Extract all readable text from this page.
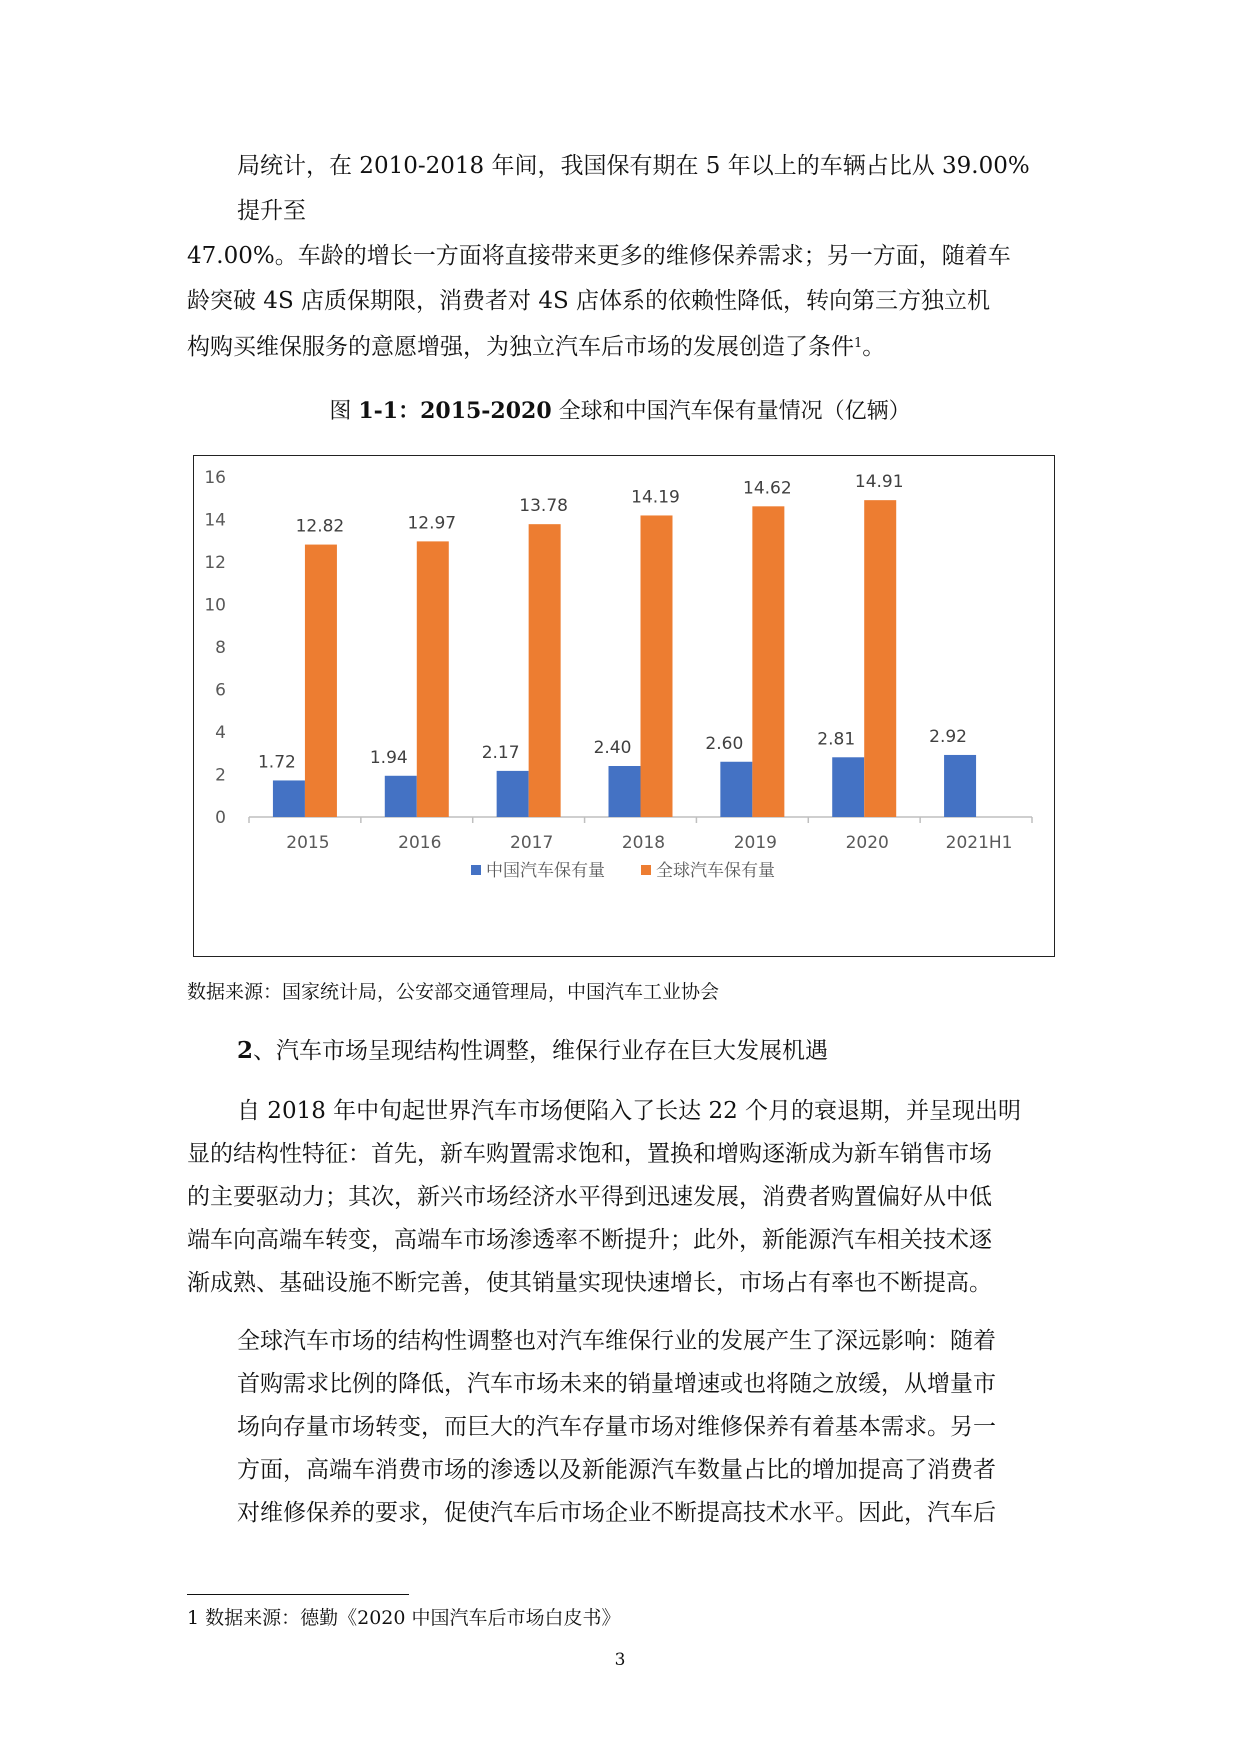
局统计，在 2010-2018 年间，我国保有期在 5 年以上的车辆占比从 39.00%
提升至
47.00%。车龄的增长一方面将直接带来更多的维修保养需求；另一方面，随着车
龄突破 4S 店质保期限，消费者对 4S 店体系的依赖性降低，转向第三方独立机
构购买维保服务的意愿增强，为独立汽车后市场的发展创造了条件$^1$。
图 1-1：2015-2020 全球和中国汽车保有量情况（亿辆）
0
2
4
6
8
10
12
14
16
2015
1.72
12.82
2016
1.94
12.97
2017
2.17
13.78
2018
2.40
14.19
2019
2.60
14.62
2020
2.81
14.91
2021H1
2.92
中国汽车保有量	全球汽车保有量
数据来源：国家统计局，公安部交通管理局，中国汽车工业协会
2、汽车市场呈现结构性调整，维保行业存在巨大发展机遇
自 2018 年中旬起世界汽车市场便陷入了长达 22 个月的衰退期，并呈现出明
显的结构性特征：首先，新车购置需求饱和，置换和增购逐渐成为新车销售市场
的主要驱动力；其次，新兴市场经济水平得到迅速发展，消费者购置偏好从中低
端车向高端车转变，高端车市场渗透率不断提升；此外，新能源汽车相关技术逐
渐成熟、基础设施不断完善，使其销量实现快速增长，市场占有率也不断提高。
全球汽车市场的结构性调整也对汽车维保行业的发展产生了深远影响：随着
首购需求比例的降低，汽车市场未来的销量增速或也将随之放缓，从增量市
场向存量市场转变，而巨大的汽车存量市场对维修保养有着基本需求。另一
方面，高端车消费市场的渗透以及新能源汽车数量占比的增加提高了消费者
对维修保养的要求，促使汽车后市场企业不断提高技术水平。因此，汽车后
1 数据来源：德勤《2020 中国汽车后市场白皮书》
3
